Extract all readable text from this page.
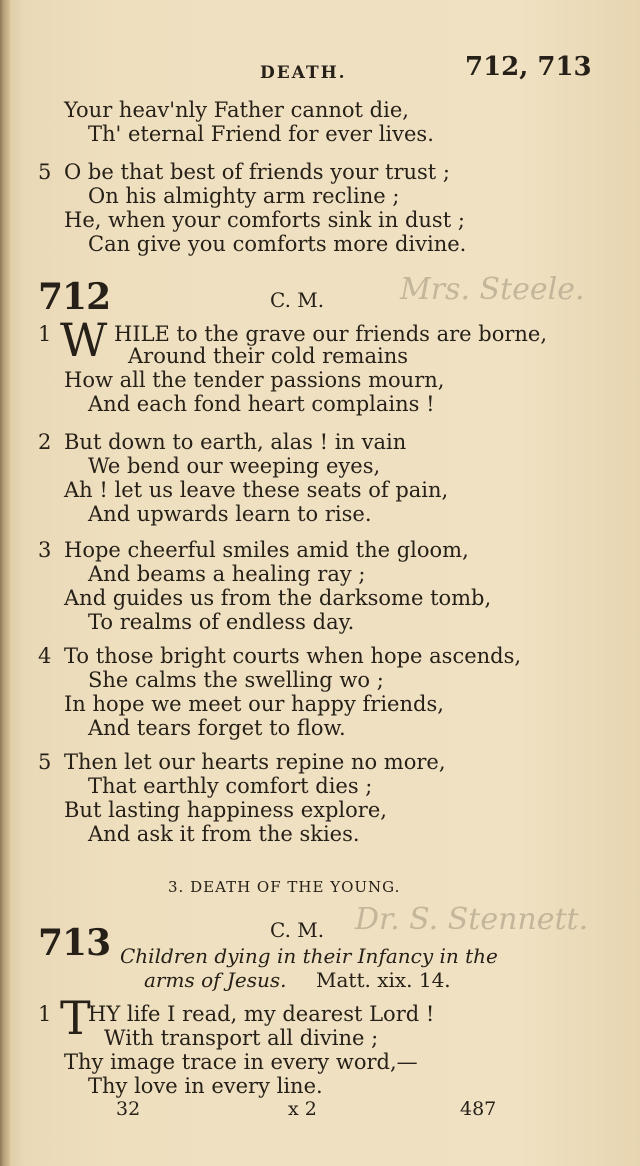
DEATH.	712, 713
Your heav'nly Father cannot die,
Th' eternal Friend for ever lives.
5 O be that best of friends your trust ;
On his almighty arm recline ;
He, when your comforts sink in dust ;
Can give you comforts more divine.
712	C. M.	Mrs. Steele.
1 W HILE to the grave our friends are borne,
Around their cold remains
How all the tender passions mourn,
And each fond heart complains !
2 But down to earth, alas ! in vain
We bend our weeping eyes,
Ah ! let us leave these seats of pain,
And upwards learn to rise.
3 Hope cheerful smiles amid the gloom,
And beams a healing ray ;
And guides us from the darksome tomb,
To realms of endless day.
4 To those bright courts when hope ascends,
She calms the swelling wo ;
In hope we meet our happy friends,
And tears forget to flow.
5 Then let our hearts repine no more,
That earthly comfort dies ;
But lasting happiness explore,
And ask it from the skies.
3. DEATH OF THE YOUNG.
713	C. M. Dr. S. Stennett.
Children dying in their Infancy in the
arms of Jesus. Matt. xix. 14.
1 T
HY life I read, my dearest Lord !
With transport all divine ;
Thy image trace in every word,—
Thy love in every line.
32	x 2	487
